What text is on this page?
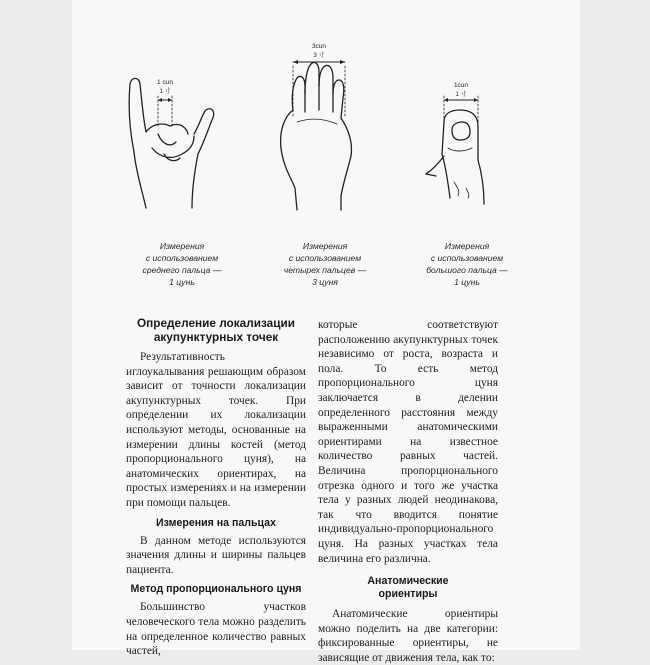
1 cun
1 寸
3cun
3 寸
1cun
1 寸
Измерения
с использованием
среднего пальца —
1 цунь
Измерения
с использованием
четырех пальцев —
3 цуня
Измерения
с использованием
большого пальца —
1 цунь
Определение локализации акупунктурных точек

Результативность иглоукалывания решающим образом зависит от точности локализации акупунктурных точек. При определении их локализации используют методы, основанные на измерении длины костей (метод пропорционального цуня), на анатомических ориентирах, на простых измерениях и на измерении при помощи пальцев.

Измерения на пальцах

В данном методе используются значения длины и ширины пальцев пациента.

Метод пропорционального цуня

Большинство участков человеческого тела можно разделить на определенное количество равных частей,

которые соответствуют расположению акупунктурных точек независимо от роста, возраста и пола. То есть метод пропорционального цуня заключается в делении определенного расстояния между выраженными анатомическими ориентирами на известное количество равных частей. Величина пропорционального отрезка одного и того же участка тела у разных людей неодинакова, так что вводится понятие индивидуально-пропорционального цуня. На разных участках тела величина его различна.

Анатомические ориентиры

Анатомические ориентиры можно поделить на две категории: фиксированные ориентиры, не зависящие от движения тела, как то:
